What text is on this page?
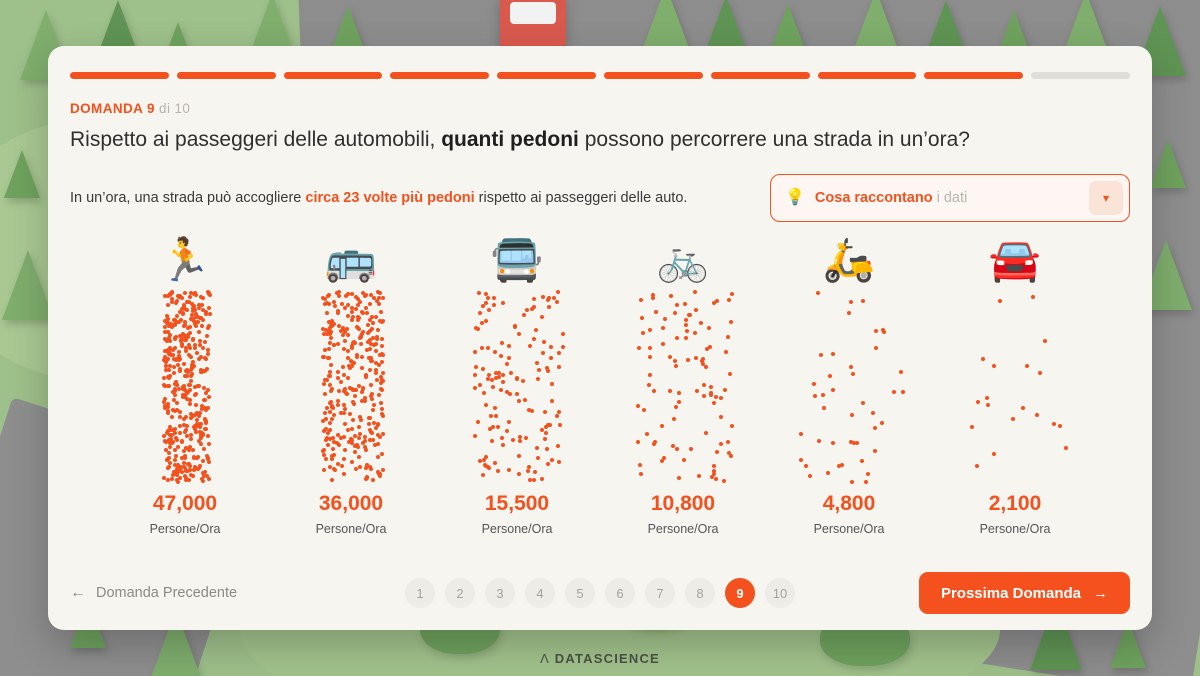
DOMANDA 9 di 10
Rispetto ai passeggeri delle automobili, quanti pedoni possono percorrere una strada in un’ora?
In un’ora, una strada può accogliere circa 23 volte più pedoni rispetto ai passeggeri delle auto.	💡 Cosa raccontano i dati	▾
🏃
47,000
Persone/Ora
🚌
36,000
Persone/Ora
🚍
15,500
Persone/Ora
🚲
10,800
Persone/Ora
🛵
4,800
Persone/Ora
🚘
2,100
Persone/Ora
← Domanda Precedente	1	2	3	4	5	6	7	8	9	10	Prossima Domanda →
Λ DATASCIENCE
